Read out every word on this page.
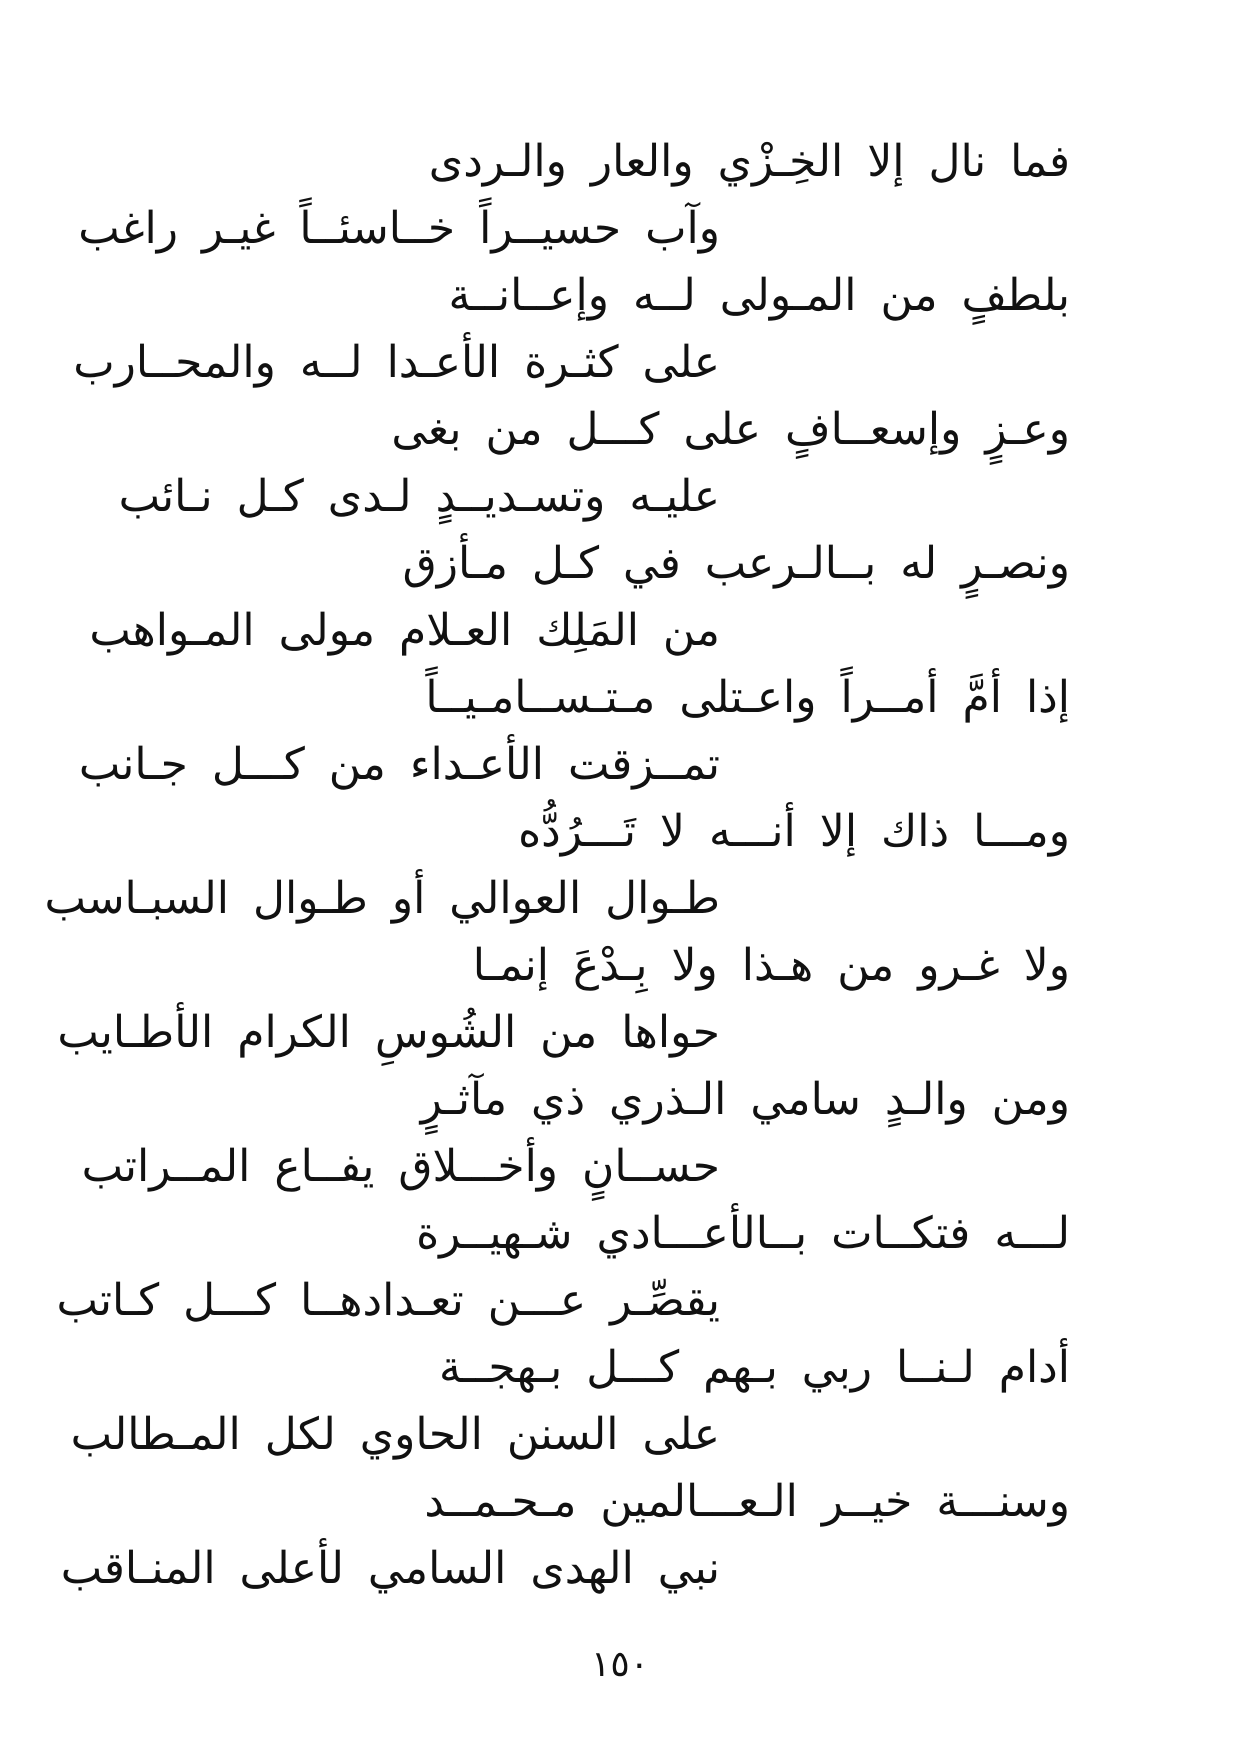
فما نال إلا الخِـزْي والعار والـردى
وآب حسيــراً خــاسئــاً غيـر راغب
بلطفٍ من المـولى لــه وإعــانــة
على كثـرة الأعـدا لــه والمحــارب
وعـزٍ وإسعــافٍ على كـــل من بغى
عليـه وتسـديــدٍ لـدى كـل نـائب
ونصـرٍ له بــالـرعب في كـل مـأزق
من المَلِك العـلام مولى المـواهب
إذا أمَّ أمــراً واعـتلى مـتـســامـيــاً
تمــزقت الأعـداء من كـــل جـانب
ومـــا ذاك إلا أنـــه لا تَـــرُدُّه
طـوال العوالي أو طـوال السبـاسب
ولا غـرو من هـذا ولا بِـدْعَ إنمـا
حواها من الشُوسِ الكرام الأطـايب
ومن والـدٍ سامي الـذري ذي مآثـرٍ
حســانٍ وأخـــلاق يفــاع المــراتب
لـــه فتكــات بــالأعـــادي شـهيــرة
يقصِّـر عـــن تعـدادهــا كـــل كـاتب
أدام لـنــا ربي بـهم كـــل بـهجــة
على السنن الحاوي لكل المـطالب
وسنـــة خيــر الـعـــالمين مـحـمــد
نبي الهدى السامي لأعلى المنـاقب
١٥٠
